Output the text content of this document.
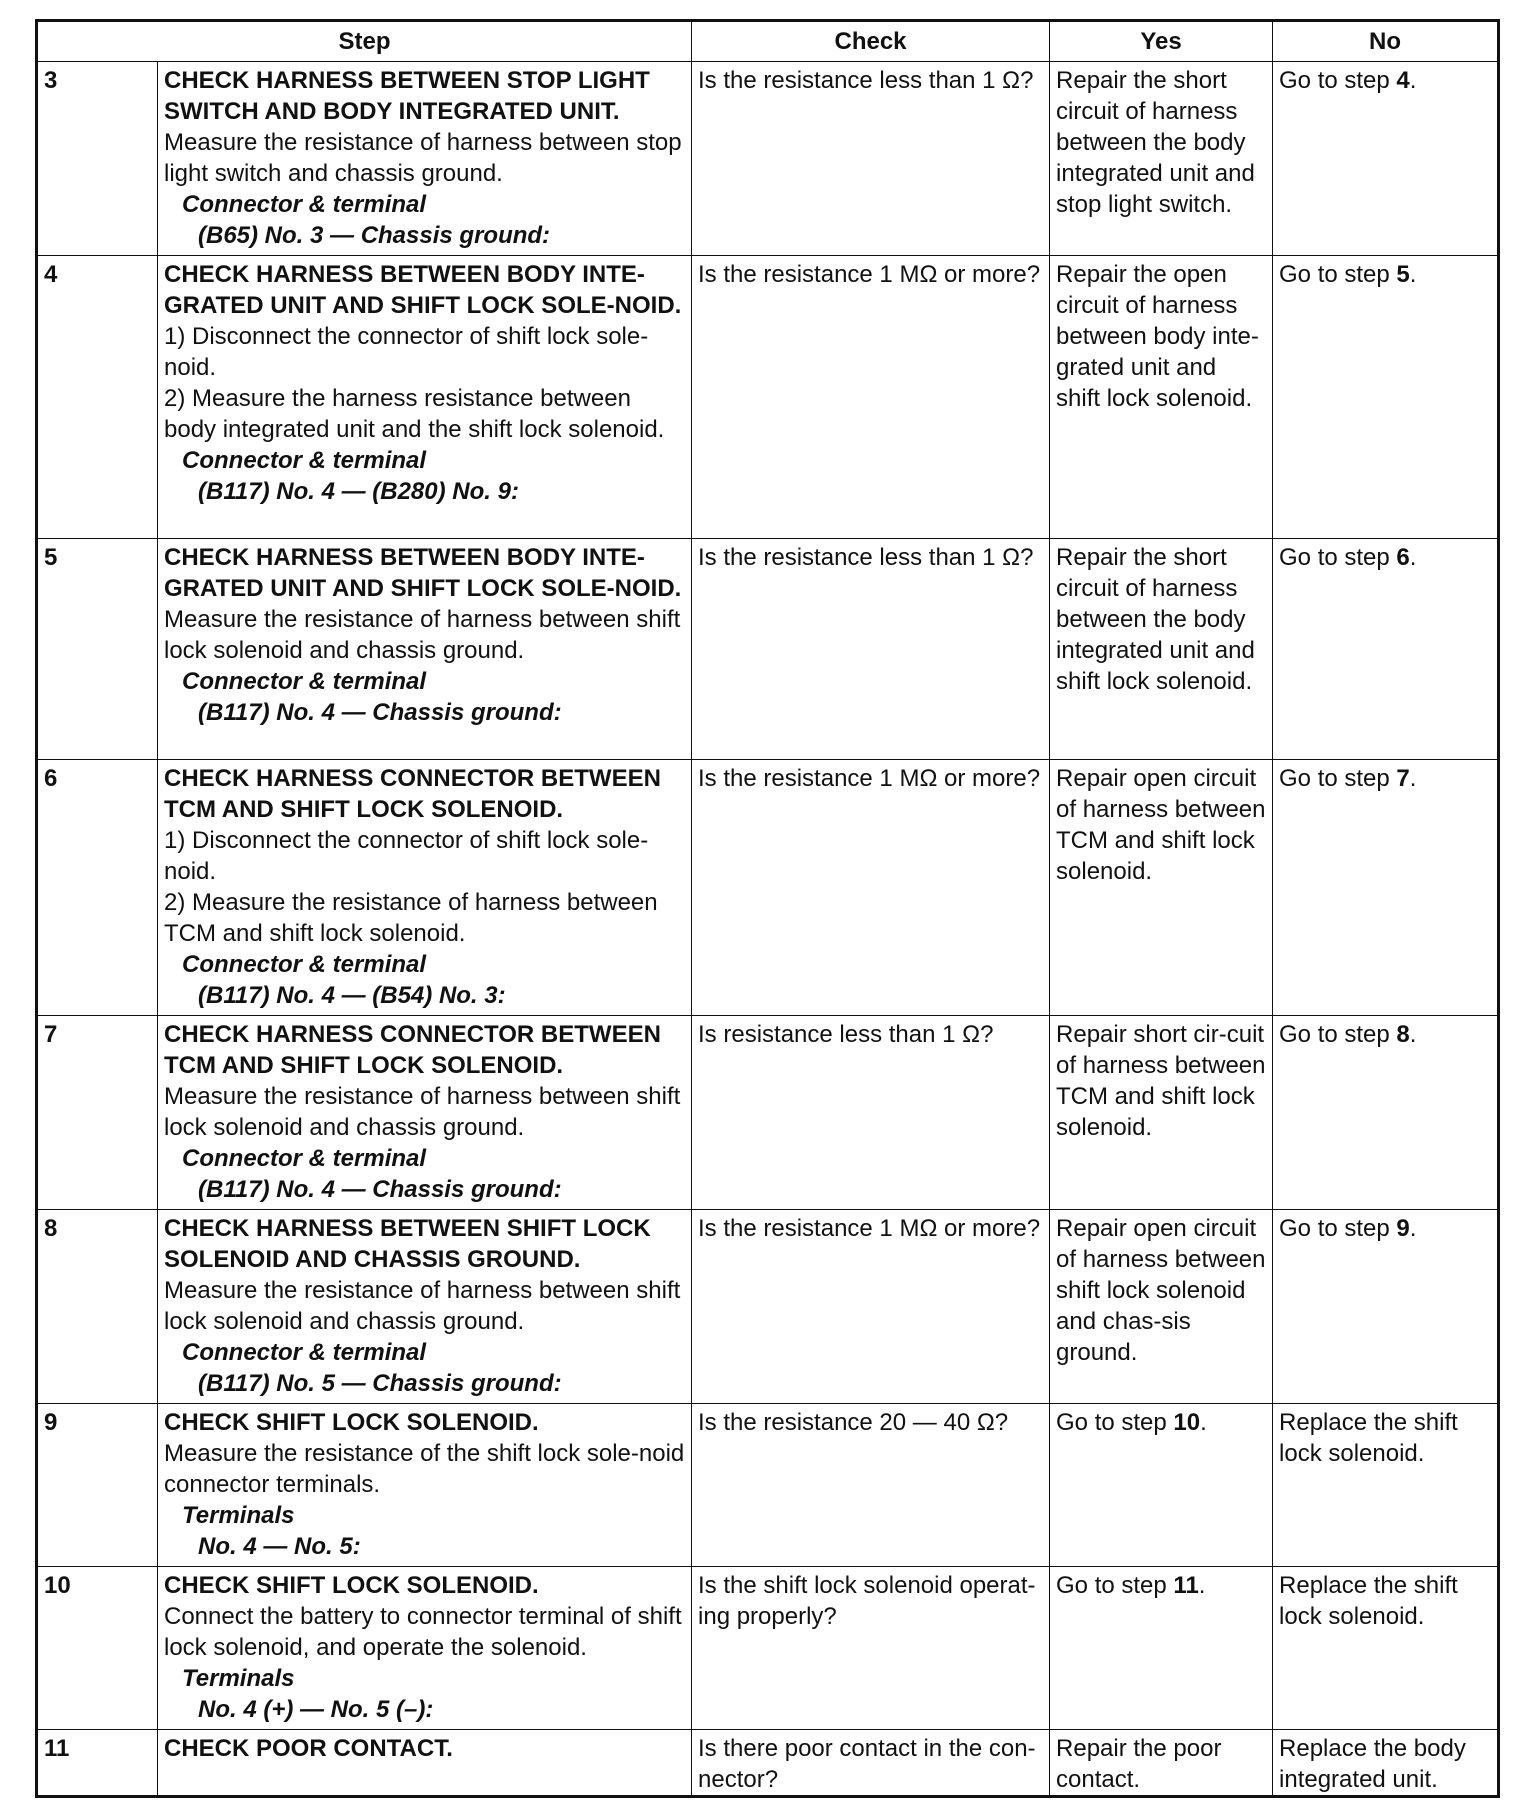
Step		Check	Yes	No
3	CHECK HARNESS BETWEEN STOP LIGHT SWITCH AND BODY INTEGRATED UNIT.
Measure the resistance of harness between stop light switch and chassis ground.
Connector & terminal
(B65) No. 3 — Chassis ground:	Is the resistance less than 1 Ω?	Repair the short circuit of harness between the body integrated unit and stop light switch.	Go to step 4.
4	CHECK HARNESS BETWEEN BODY INTE-GRATED UNIT AND SHIFT LOCK SOLE-NOID.
1) Disconnect the connector of shift lock sole-noid.
2) Measure the harness resistance between body integrated unit and the shift lock solenoid.
Connector & terminal
(B117) No. 4 — (B280) No. 9:	Is the resistance 1 MΩ or more?	Repair the open circuit of harness between body inte-grated unit and shift lock solenoid.	Go to step 5.
5	CHECK HARNESS BETWEEN BODY INTE-GRATED UNIT AND SHIFT LOCK SOLE-NOID.
Measure the resistance of harness between shift lock solenoid and chassis ground.
Connector & terminal
(B117) No. 4 — Chassis ground:	Is the resistance less than 1 Ω?	Repair the short circuit of harness between the body integrated unit and shift lock solenoid.	Go to step 6.
6	CHECK HARNESS CONNECTOR BETWEEN TCM AND SHIFT LOCK SOLENOID.
1) Disconnect the connector of shift lock sole-noid.
2) Measure the resistance of harness between TCM and shift lock solenoid.
Connector & terminal
(B117) No. 4 — (B54) No. 3:	Is the resistance 1 MΩ or more?	Repair open circuit of harness between TCM and shift lock solenoid.	Go to step 7.
7	CHECK HARNESS CONNECTOR BETWEEN TCM AND SHIFT LOCK SOLENOID.
Measure the resistance of harness between shift lock solenoid and chassis ground.
Connector & terminal
(B117) No. 4 — Chassis ground:	Is resistance less than 1 Ω?	Repair short cir-cuit of harness between TCM and shift lock solenoid.	Go to step 8.
8	CHECK HARNESS BETWEEN SHIFT LOCK SOLENOID AND CHASSIS GROUND.
Measure the resistance of harness between shift lock solenoid and chassis ground.
Connector & terminal
(B117) No. 5 — Chassis ground:	Is the resistance 1 MΩ or more?	Repair open circuit of harness between shift lock solenoid and chas-sis ground.	Go to step 9.
9	CHECK SHIFT LOCK SOLENOID.
Measure the resistance of the shift lock sole-noid connector terminals.
Terminals
No. 4 — No. 5:	Is the resistance 20 — 40 Ω?	Go to step 10.	Replace the shift lock solenoid.
10	CHECK SHIFT LOCK SOLENOID.
Connect the battery to connector terminal of shift lock solenoid, and operate the solenoid.
Terminals
No. 4 (+) — No. 5 (–):	Is the shift lock solenoid operat-ing properly?	Go to step 11.	Replace the shift lock solenoid.
11	CHECK POOR CONTACT.	Is there poor contact in the con-nector?	Repair the poor contact.	Replace the body integrated unit.
